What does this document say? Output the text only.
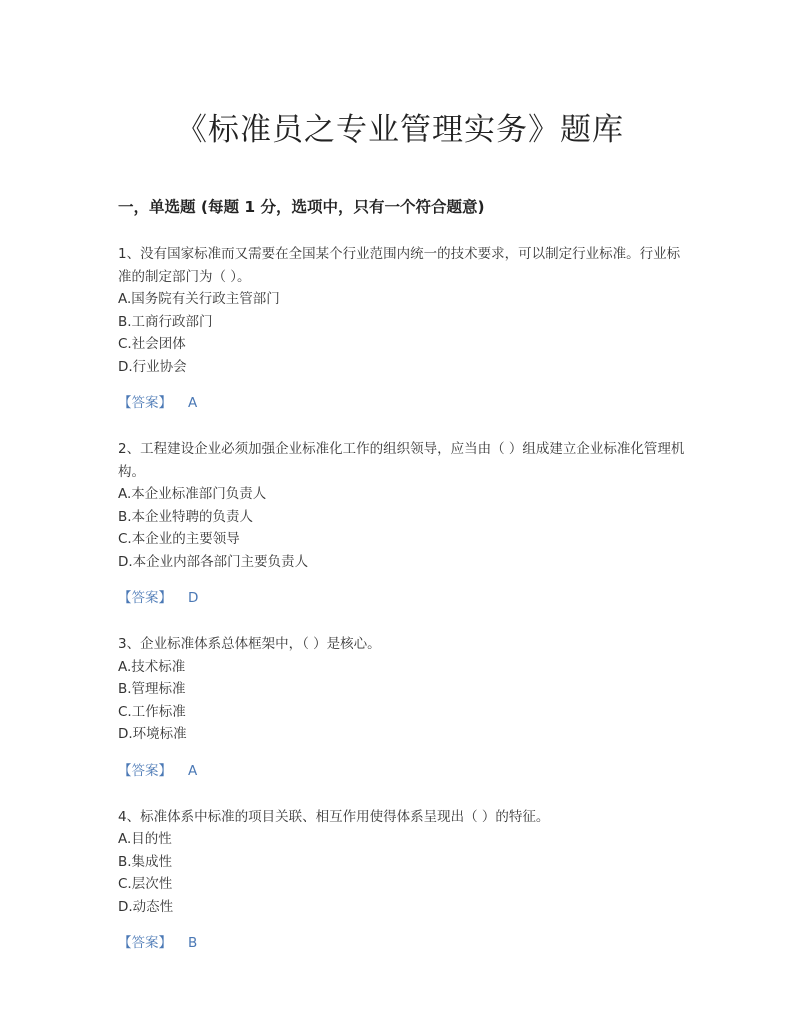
《标准员之专业管理实务》题库
一，单选题 (每题 1 分，选项中，只有一个符合题意)
1、没有国家标准而又需要在全国某个行业范围内统一的技术要求，可以制定行业标准。行业标准的制定部门为（ ）。
A.国务院有关行政主管部门
B.工商行政部门
C.社会团体
D.行业协会
【答案】 A
2、工程建设企业必须加强企业标准化工作的组织领导，应当由（ ）组成建立企业标准化管理机构。
A.本企业标准部门负责人
B.本企业特聘的负责人
C.本企业的主要领导
D.本企业内部各部门主要负责人
【答案】 D
3、企业标准体系总体框架中，（ ）是核心。
A.技术标准
B.管理标准
C.工作标准
D.环境标准
【答案】 A
4、标准体系中标准的项目关联、相互作用使得体系呈现出（ ）的特征。
A.目的性
B.集成性
C.层次性
D.动态性
【答案】 B
